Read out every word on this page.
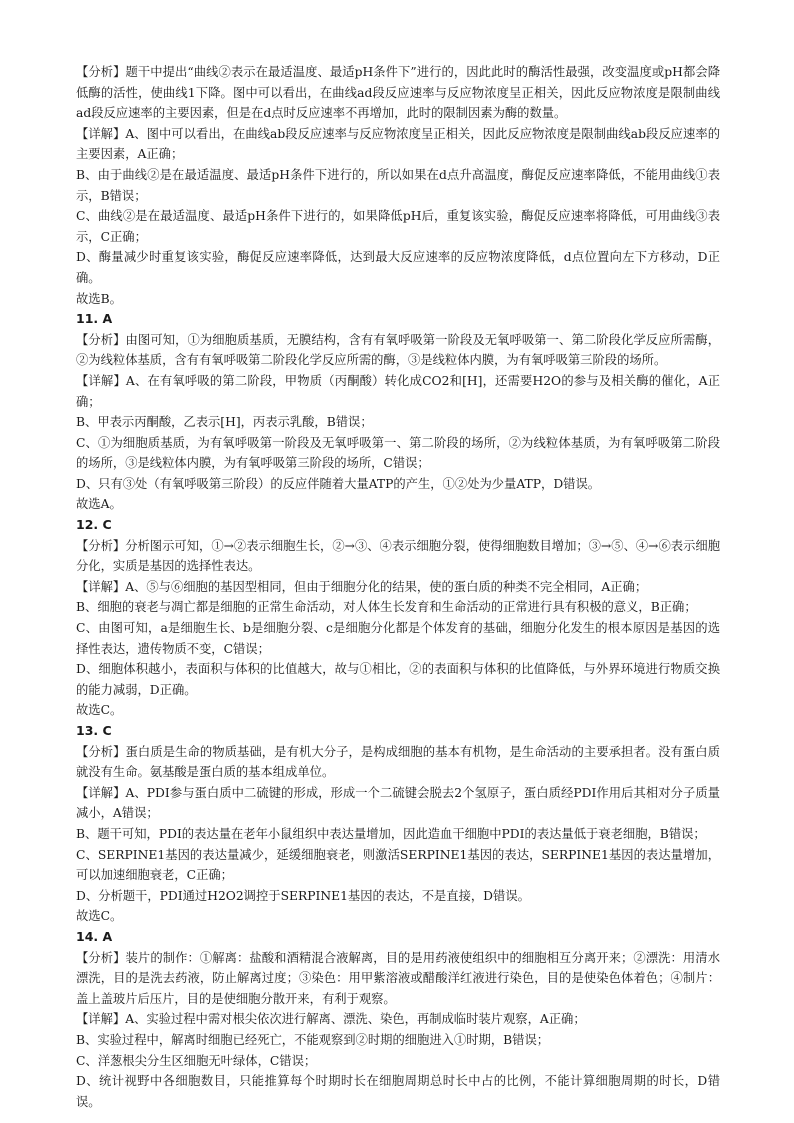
【分析】题干中提出“曲线②表示在最适温度、最适pH条件下”进行的，因此此时的酶活性最强，改变温度或pH都会降低酶的活性，使曲线1下降。图中可以看出，在曲线ad段反应速率与反应物浓度呈正相关，因此反应物浓度是限制曲线ad段反应速率的主要因素，但是在d点时反应速率不再增加，此时的限制因素为酶的数量。

【详解】A、图中可以看出，在曲线ab段反应速率与反应物浓度呈正相关，因此反应物浓度是限制曲线ab段反应速率的主要因素，A正确；

B、由于曲线②是在最适温度、最适pH条件下进行的，所以如果在d点升高温度，酶促反应速率降低，不能用曲线①表示，B错误；

C、曲线②是在最适温度、最适pH条件下进行的，如果降低pH后，重复该实验，酶促反应速率将降低，可用曲线③表示，C正确；

D、酶量减少时重复该实验，酶促反应速率降低，达到最大反应速率的反应物浓度降低，d点位置向左下方移动，D正确。

故选B。

11. A

【分析】由图可知，①为细胞质基质，无膜结构，含有有氧呼吸第一阶段及无氧呼吸第一、第二阶段化学反应所需酶，②为线粒体基质，含有有氧呼吸第二阶段化学反应所需的酶，③是线粒体内膜，为有氧呼吸第三阶段的场所。

【详解】A、在有氧呼吸的第二阶段，甲物质（丙酮酸）转化成CO2和[H]，还需要H2O的参与及相关酶的催化，A正确；

B、甲表示丙酮酸，乙表示[H]，丙表示乳酸，B错误；

C、①为细胞质基质，为有氧呼吸第一阶段及无氧呼吸第一、第二阶段的场所，②为线粒体基质，为有氧呼吸第二阶段的场所，③是线粒体内膜，为有氧呼吸第三阶段的场所，C错误；

D、只有③处（有氧呼吸第三阶段）的反应伴随着大量ATP的产生，①②处为少量ATP，D错误。

故选A。

12. C

【分析】分析图示可知，①→②表示细胞生长，②→③、④表示细胞分裂，使得细胞数目增加；③→⑤、④→⑥表示细胞分化，实质是基因的选择性表达。

【详解】A、⑤与⑥细胞的基因型相同，但由于细胞分化的结果，使的蛋白质的种类不完全相同，A正确；

B、细胞的衰老与凋亡都是细胞的正常生命活动，对人体生长发育和生命活动的正常进行具有积极的意义，B正确；

C、由图可知，a是细胞生长、b是细胞分裂、c是细胞分化都是个体发育的基础，细胞分化发生的根本原因是基因的选择性表达，遗传物质不变，C错误；

D、细胞体积越小，表面积与体积的比值越大，故与①相比，②的表面积与体积的比值降低，与外界环境进行物质交换的能力减弱，D正确。

故选C。

13. C

【分析】蛋白质是生命的物质基础，是有机大分子，是构成细胞的基本有机物，是生命活动的主要承担者。没有蛋白质就没有生命。氨基酸是蛋白质的基本组成单位。

【详解】A、PDI参与蛋白质中二硫键的形成，形成一个二硫键会脱去2个氢原子，蛋白质经PDI作用后其相对分子质量减小，A错误；

B、题干可知，PDI的表达量在老年小鼠组织中表达量增加，因此造血干细胞中PDI的表达量低于衰老细胞，B错误；

C、SERPINE1基因的表达量减少，延缓细胞衰老，则激活SERPINE1基因的表达，SERPINE1基因的表达量增加，可以加速细胞衰老，C正确；

D、分析题干，PDI通过H2O2调控于SERPINE1基因的表达，不是直接，D错误。

故选C。

14. A

【分析】装片的制作：①解离：盐酸和酒精混合液解离，目的是用药液使组织中的细胞相互分离开来；②漂洗：用清水漂洗，目的是洗去药液，防止解离过度；③染色：用甲紫溶液或醋酸洋红液进行染色，目的是使染色体着色；④制片：盖上盖玻片后压片，目的是使细胞分散开来，有利于观察。

【详解】A、实验过程中需对根尖依次进行解离、漂洗、染色，再制成临时装片观察，A正确；

B、实验过程中，解离时细胞已经死亡，不能观察到②时期的细胞进入①时期，B错误；

C、洋葱根尖分生区细胞无叶绿体，C错误；

D、统计视野中各细胞数目，只能推算每个时期时长在细胞周期总时长中占的比例，不能计算细胞周期的时长，D错误。
